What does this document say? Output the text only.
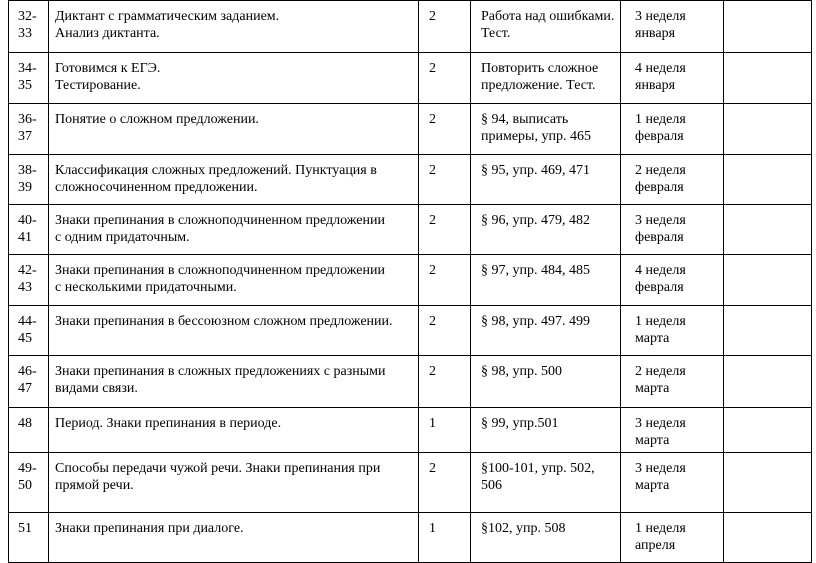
32-
33	Диктант с грамматическим заданием.
Анализ диктанта.	2	Работа над ошибками.
Тест.	3 неделя
января	

34-
35	Готовимся к ЕГЭ.
Тестирование.	2	Повторить сложное
предложение. Тест.	4 неделя
января	

36-
37	Понятие о сложном предложении.	2	§ 94, выписать
примеры, упр. 465	1 неделя
февраля	

38-
39	Классификация сложных предложений. Пунктуация в
сложносочиненном предложении.	2	§ 95, упр. 469, 471	2 неделя
февраля	

40-
41	Знаки препинания в сложноподчиненном предложении
с одним придаточным.	2	§ 96, упр. 479, 482	3 неделя
февраля	

42-
43	Знаки препинания в сложноподчиненном предложении
с несколькими придаточными.	2	§ 97, упр. 484, 485	4 неделя
февраля	

44-
45	Знаки препинания в бессоюзном сложном предложении.	2	§ 98, упр. 497. 499	1 неделя
марта	

46-
47	Знаки препинания в сложных предложениях с разными
видами связи.	2	§ 98, упр. 500	2 неделя
марта	

48	Период. Знаки препинания в периоде.	1	§ 99, упр.501	3 неделя
марта	

49-
50	Способы передачи чужой речи. Знаки препинания при
прямой речи.	2	§100-101, упр. 502,
506	3 неделя
марта	

51	Знаки препинания при диалоге.	1	§102, упр. 508	1 неделя
апреля	
